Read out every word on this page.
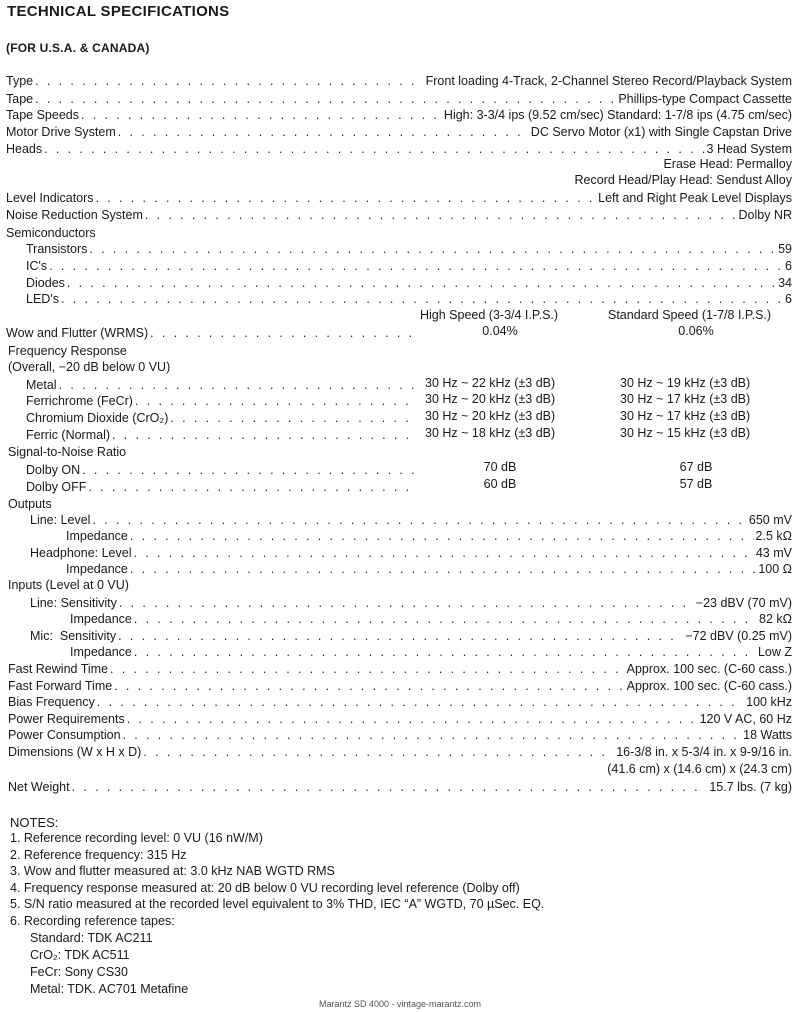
TECHNICAL SPECIFICATIONS
(FOR U.S.A. & CANADA)
Type . . .	Front loading 4-Track, 2-Channel Stereo Record/Playback System
Tape . . .	Phillips-type Compact Cassette
Tape Speeds . . .	High: 3-3/4 ips (9.52 cm/sec) Standard: 1-7/8 ips (4.75 cm/sec)
Motor Drive System . . .	DC Servo Motor (x1) with Single Capstan Drive
Heads . . .	3 Head System
Erase Head: Permalloy
Record Head/Play Head: Sendust Alloy
Level Indicators . . .	Left and Right Peak Level Displays
Noise Reduction System . . .	Dolby NR
Semiconductors
Transistors . . .	59
IC's . . .	6
Diodes . . .	34
LED's . . .	6
High Speed (3-3/4 I.P.S.)	Standard Speed (1-7/8 I.P.S.)
Wow and Flutter (WRMS) . . .	0.04%	0.06%
Frequency Response
(Overall, −20 dB below 0 VU)
Metal . . .	30 Hz ~ 22 kHz (±3 dB)	30 Hz ~ 19 kHz (±3 dB)
Ferrichrome (FeCr) . . .	30 Hz ~ 20 kHz (±3 dB)	30 Hz ~ 17 kHz (±3 dB)
Chromium Dioxide (CrO₂) . . .	30 Hz ~ 20 kHz (±3 dB)	30 Hz ~ 17 kHz (±3 dB)
Ferric (Normal) . . .	30 Hz ~ 18 kHz (±3 dB)	30 Hz ~ 15 kHz (±3 dB)
Signal-to-Noise Ratio
Dolby ON . . .	70 dB	67 dB
Dolby OFF . . .	60 dB	57 dB
Outputs
Line: Level . . .	650 mV
Impedance . . .	2.5 kΩ
Headphone: Level . . .	43 mV
Impedance . . .	100 Ω
Inputs (Level at 0 VU)
Line: Sensitivity . . .	−23 dBV (70 mV)
Impedance . . .	82 kΩ
Mic:  Sensitivity . . .	−72 dBV (0.25 mV)
Impedance . . .	Low Z
Fast Rewind Time . . .	Approx. 100 sec. (C-60 cass.)
Fast Forward Time . . .	Approx. 100 sec. (C-60 cass.)
Bias Frequency . . .	100 kHz
Power Requirements . . .	120 V AC, 60 Hz
Power Consumption . . .	18 Watts
Dimensions (W x H x D) . . .	16-3/8 in. x 5-3/4 in. x 9-9/16 in.
(41.6 cm) x (14.6 cm) x (24.3 cm)
Net Weight . . .	15.7 lbs. (7 kg)
NOTES:
1. Reference recording level: 0 VU (16 nW/M)
2. Reference frequency: 315 Hz
3. Wow and flutter measured at: 3.0 kHz NAB WGTD RMS
4. Frequency response measured at: 20 dB below 0 VU recording level reference (Dolby off)
5. S/N ratio measured at the recorded level equivalent to 3% THD, IEC “A” WGTD, 70 µSec. EQ.
6. Recording reference tapes:
Standard: TDK AC211
CrO₂: TDK AC511
FeCr: Sony CS30
Metal: TDK. AC701 Metafine
Marantz SD 4000 - vintage-marantz.com
